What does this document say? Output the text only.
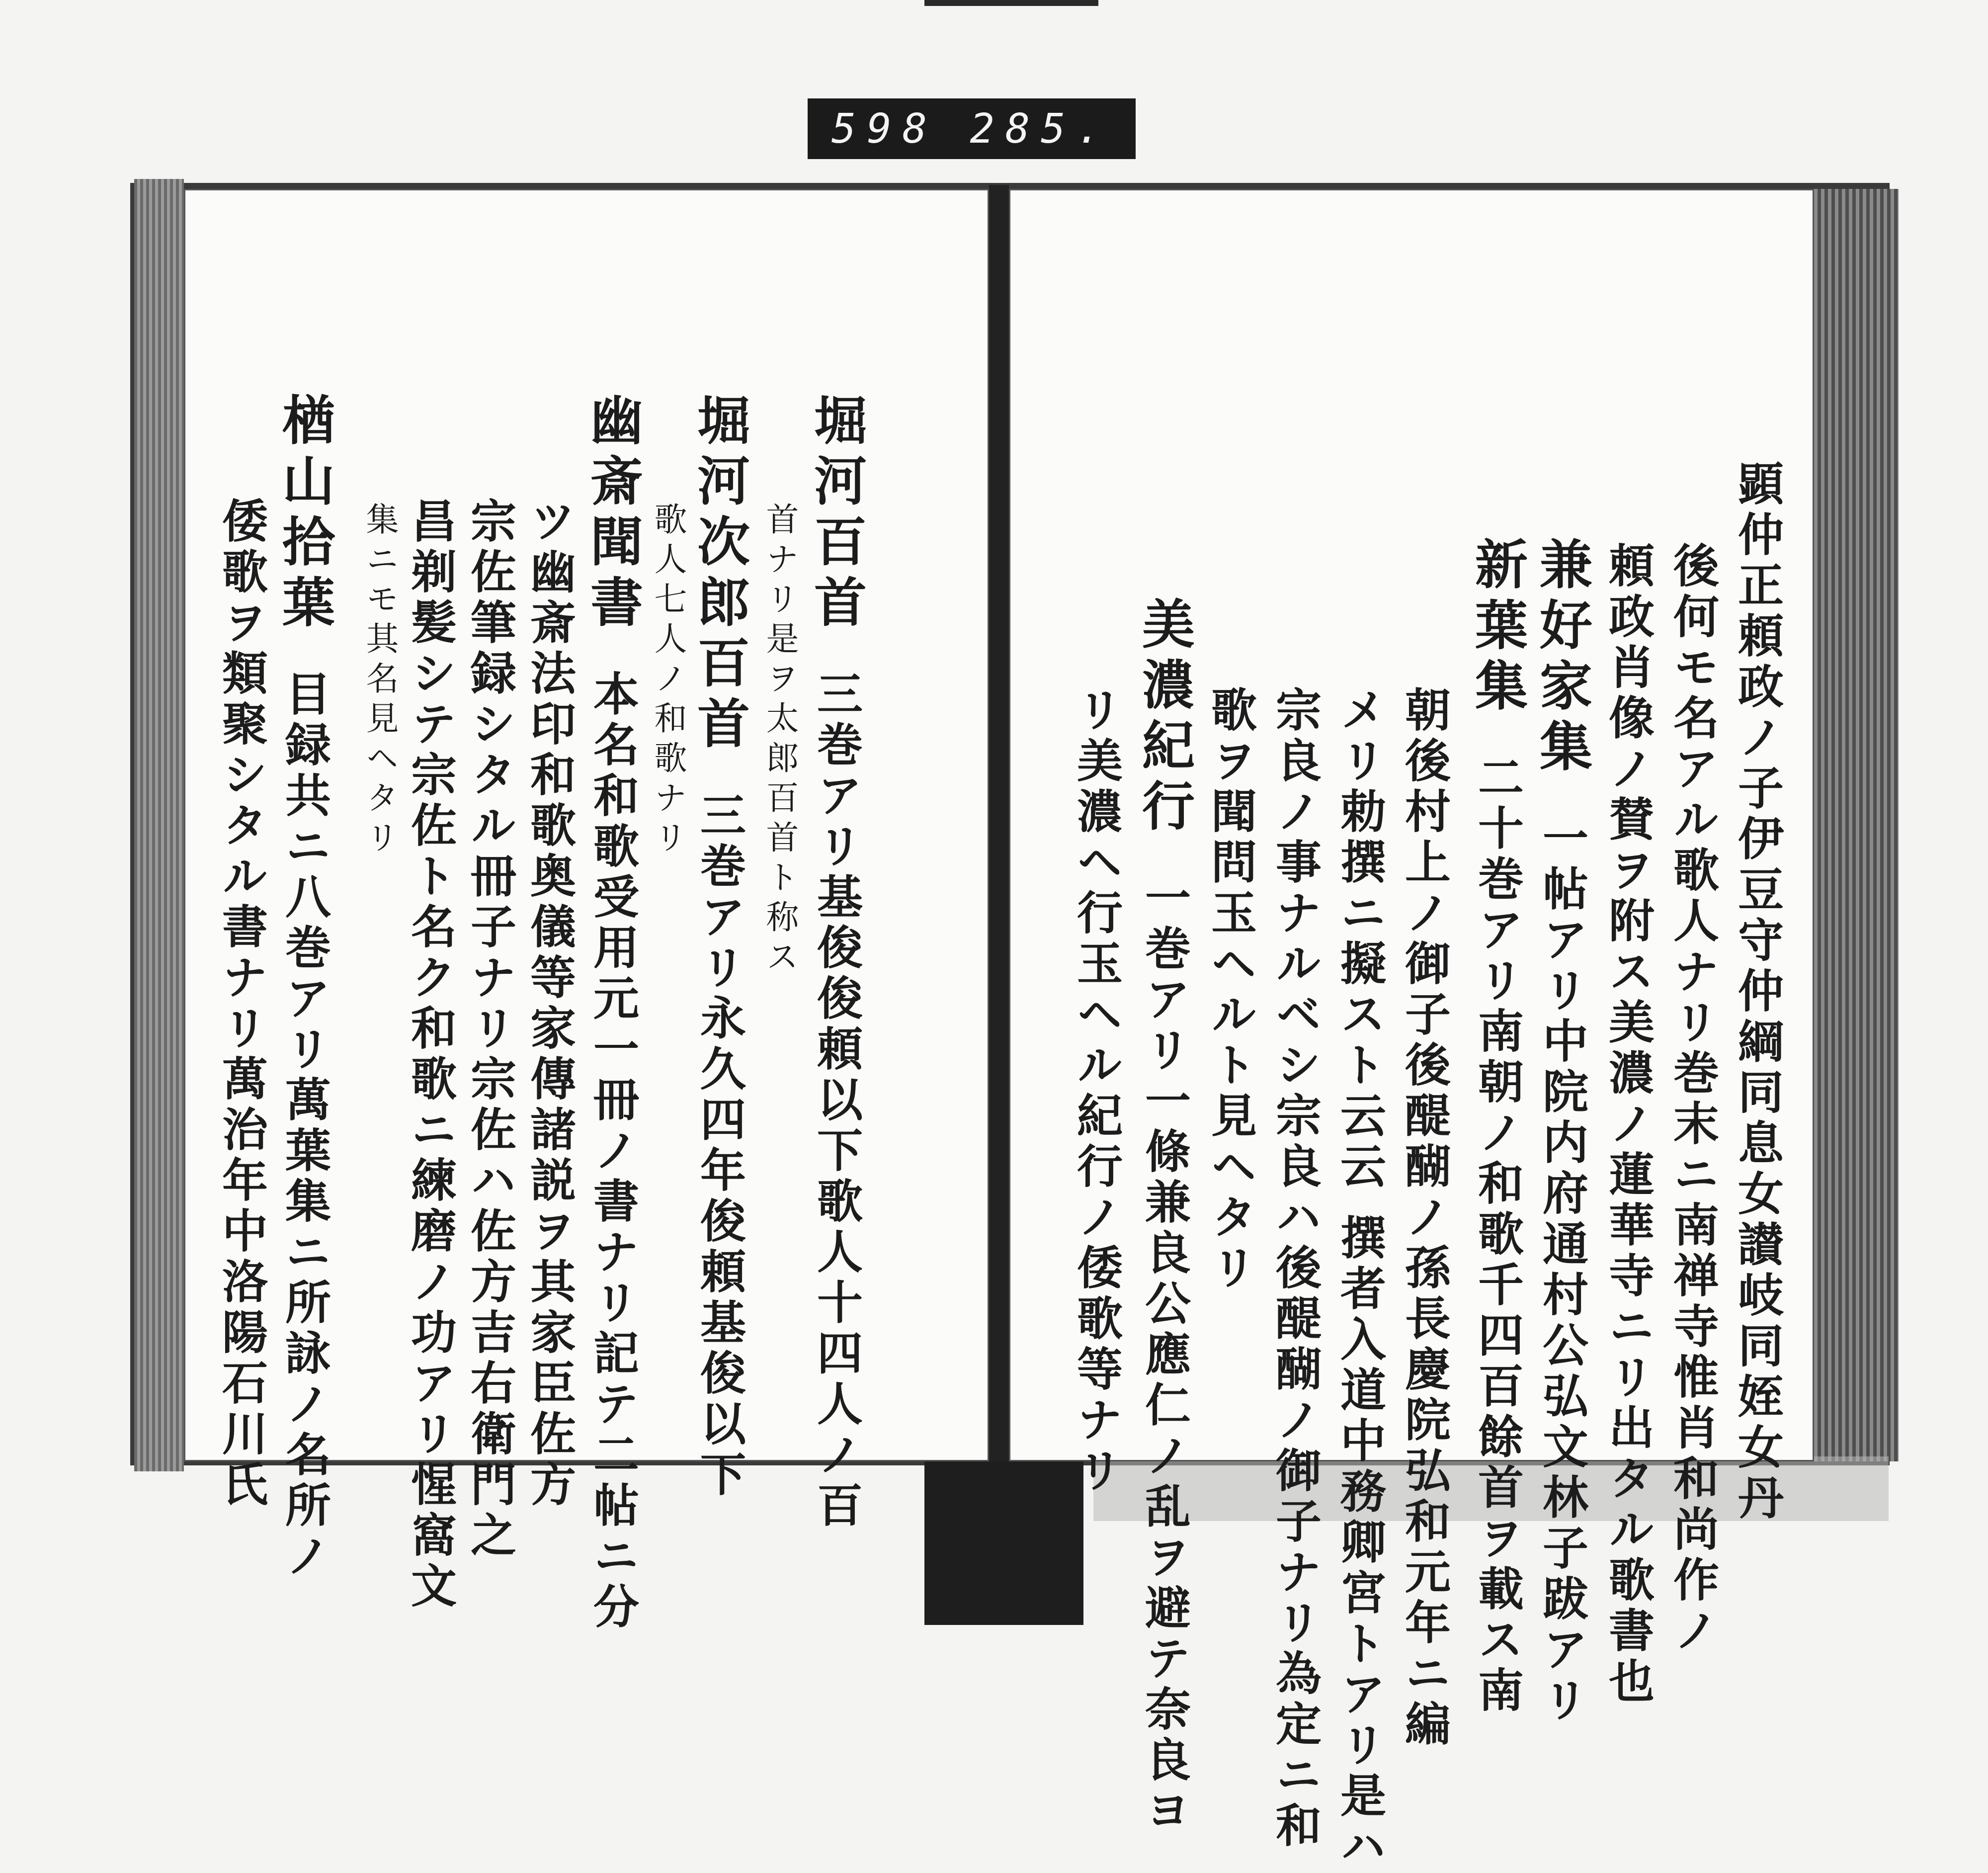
598 285.
顕仲正頼政ノ子伊豆守仲綱同息女讃岐同姪女丹
後何モ名アル歌人ナリ巻末ニ南禅寺惟肖和尚作ノ
頼政肖像ノ賛ヲ附ス美濃ノ蓮華寺ニリ出タル歌書也
兼好家集一帖アリ中院内府通村公弘文林子跋アリ
新葉集二十巻アリ南朝ノ和歌千四百餘首ヲ載ス南
朝後村上ノ御子後醍醐ノ孫長慶院弘和元年ニ編
メリ勅撰ニ擬スト云云 撰者入道中務卿宮トアリ是ハ
宗良ノ事ナルベシ宗良ハ後醍醐ノ御子ナリ為定ニ和
歌ヲ聞問玉ヘルト見ヘタリ
美濃紀行一巻アリ一條兼良公應仁ノ乱ヲ避テ奈良ヨ
リ美濃ヘ行玉ヘル紀行ノ倭歌等ナリ
堀河百首三巻アリ基俊俊頼以下歌人十四人ノ百
首ナリ是ヲ太郎百首ト称ス
堀河次郎百首三巻アリ永久四年俊頼基俊以下
歌人七人ノ和歌ナリ
幽斎聞書本名和歌受用元一冊ノ書ナリ記テ二帖ニ分
ツ幽斎法印和歌奥儀等家傳諸説ヲ其家臣佐方
宗佐筆録シタル冊子ナリ宗佐ハ佐方吉右衛門之
昌剃髪シテ宗佐ト名ク和歌ニ練磨ノ功アリ惺窩文
集ニモ其名見ヘタリ
楢山拾葉目録共ニ八巻アリ萬葉集ニ所詠ノ名所ノ
倭歌ヲ類聚シタル書ナリ萬治年中洛陽石川氏
